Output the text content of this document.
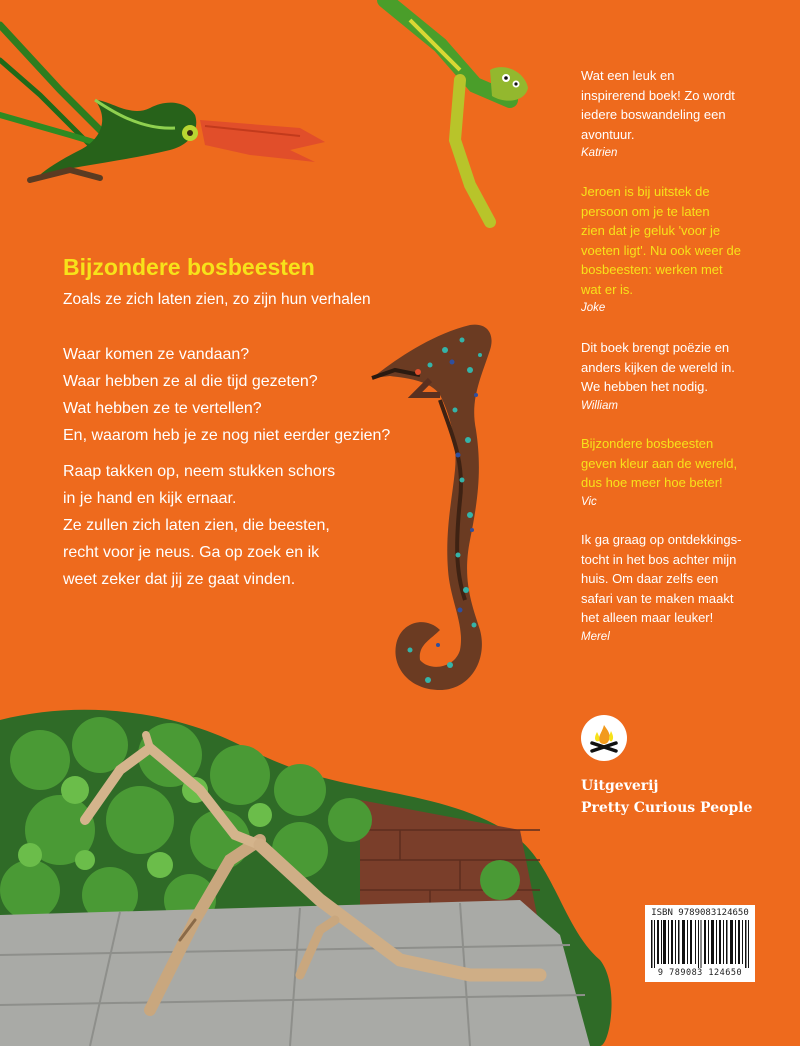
Bijzondere bosbeesten

Zoals ze zich laten zien, zo zijn hun verhalen

Waar komen ze vandaan?
Waar hebben ze al die tijd gezeten?
Wat hebben ze te vertellen?
En, waarom heb je ze nog niet eerder gezien?

Raap takken op, neem stukken schors
in je hand en kijk ernaar.
Ze zullen zich laten zien, die beesten,
recht voor je neus. Ga op zoek en ik
weet zeker dat jij ze gaat vinden.

Wat een leuk en
inspirerend boek! Zo wordt
iedere boswandeling een
avontuur.
Katrien
Jeroen is bij uitstek de
persoon om je te laten
zien dat je geluk 'voor je
voeten ligt'. Nu ook weer de
bosbeesten: werken met
wat er is.
Joke
Dit boek brengt poëzie en
anders kijken de wereld in.
We hebben het nodig.
William
Bijzondere bosbeesten
geven kleur aan de wereld,
dus hoe meer hoe beter!
Vic
Ik ga graag op ontdekkings-
tocht in het bos achter mijn
huis. Om daar zelfs een
safari van te maken maakt
het alleen maar leuker!
Merel
Uitgeverij
Pretty Curious People
ISBN 9789083124650
9 789083 124650
